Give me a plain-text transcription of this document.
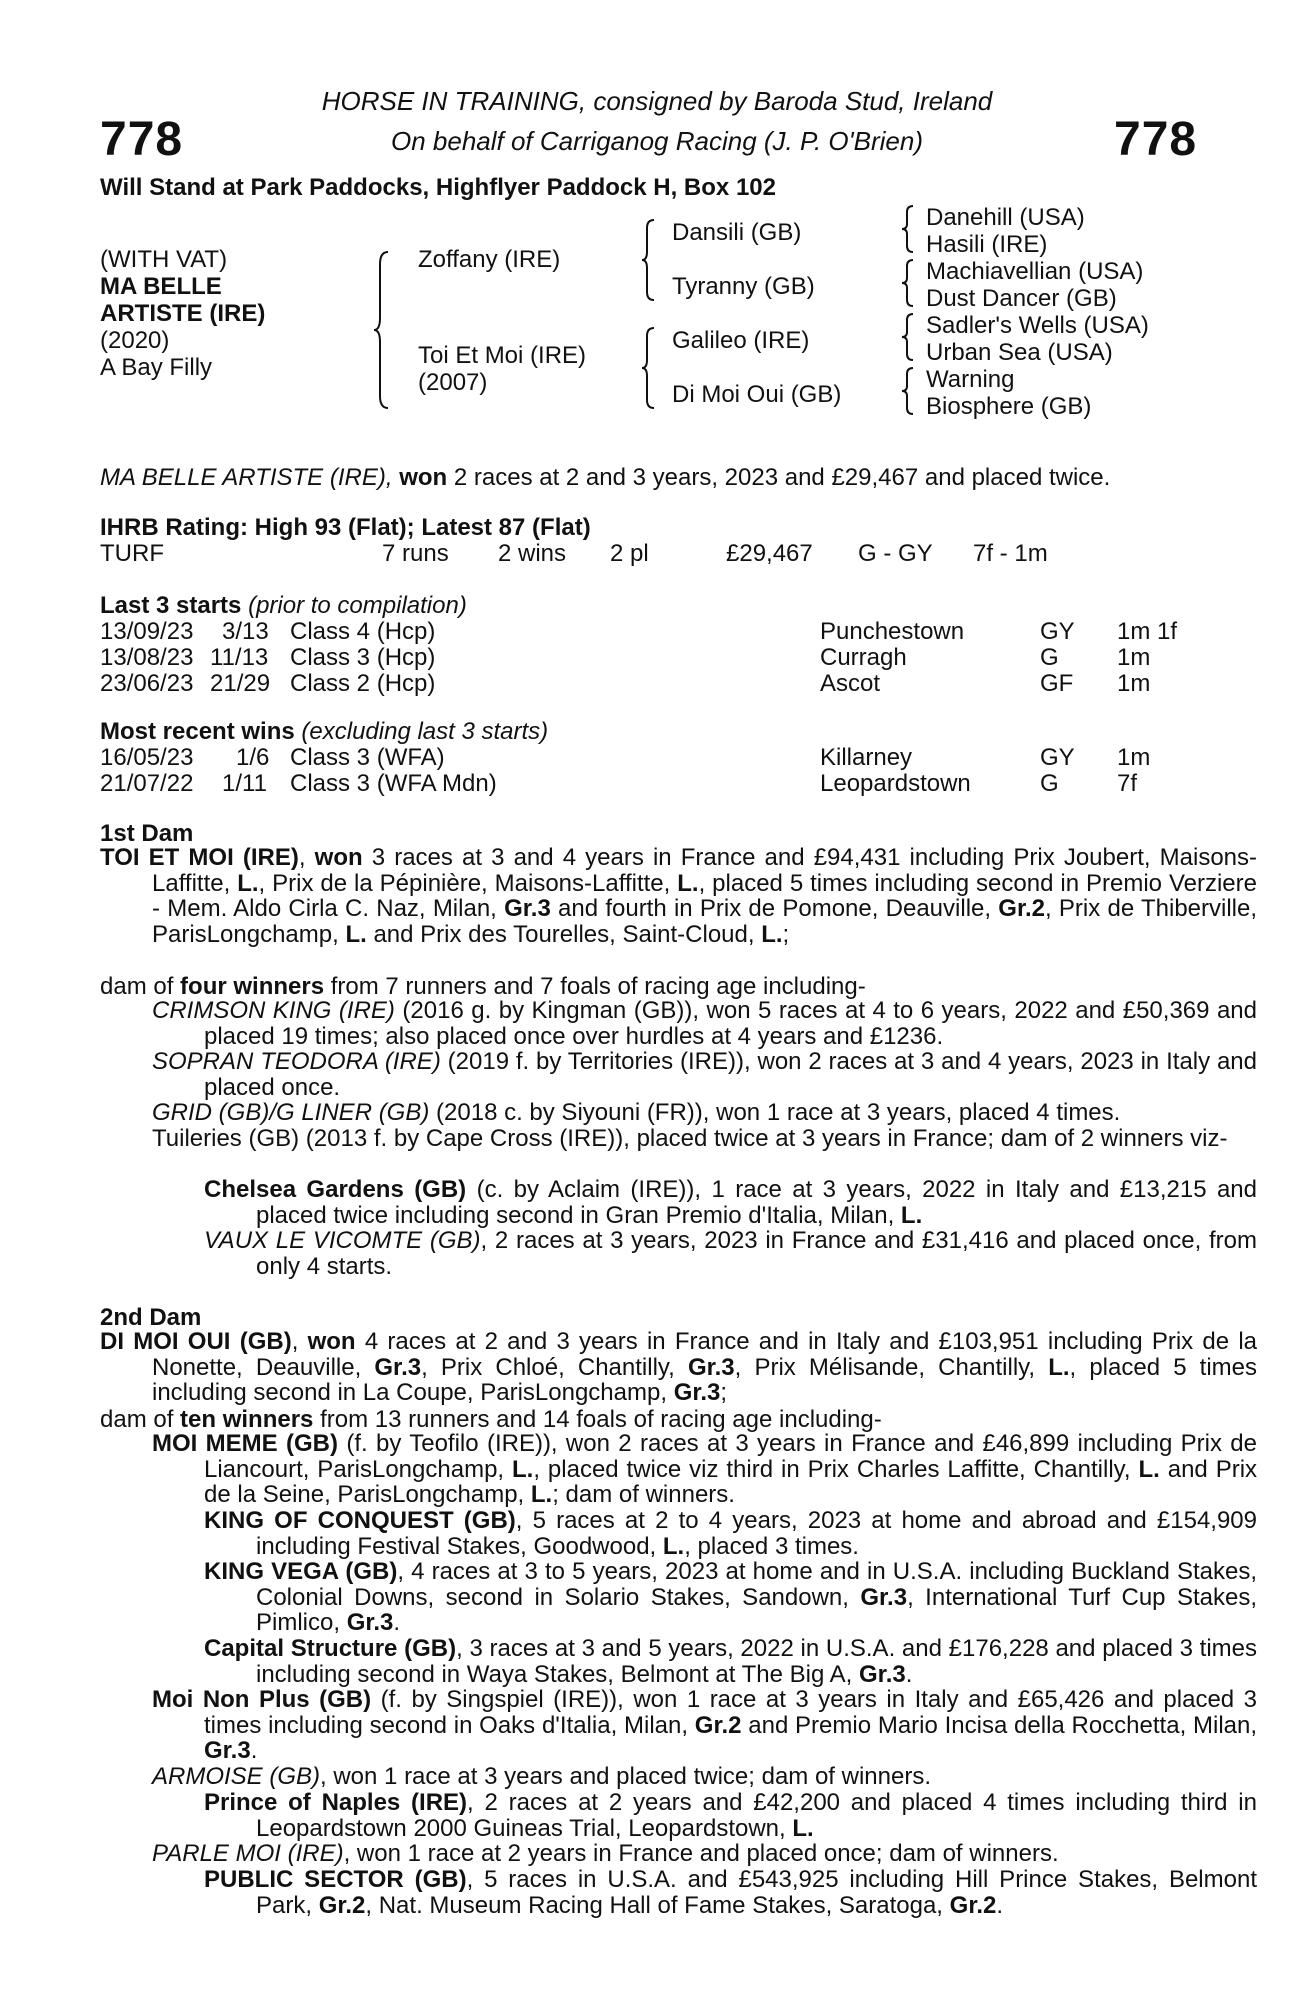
778	778
HORSE IN TRAINING, consigned by Baroda Stud, Ireland
On behalf of Carriganog Racing (J. P. O'Brien)
Will Stand at Park Paddocks, Highflyer Paddock H, Box 102
(WITH VAT)
MA BELLE
ARTISTE (IRE)
(2020)
A Bay Filly
Zoffany (IRE)
Toi Et Moi (IRE)
(2007)
Dansili (GB)
Tyranny (GB)
Galileo (IRE)
Di Moi Oui (GB)
Danehill (USA)
Hasili (IRE)
Machiavellian (USA)
Dust Dancer (GB)
Sadler's Wells (USA)
Urban Sea (USA)
Warning
Biosphere (GB)
MA BELLE ARTISTE (IRE), won 2 races at 2 and 3 years, 2023 and £29,467 and placed twice.
IHRB Rating: High 93 (Flat); Latest 87 (Flat)
TURF	7 runs 2 wins 2 pl	£29,467 G - GY 7f - 1m
Last 3 starts (prior to compilation)
13/09/23 3/13 Class 4 (Hcp)	Punchestown	GY 1m 1f
13/08/23 11/13 Class 3 (Hcp)	Curragh	G 1m
23/06/23 21/29 Class 2 (Hcp)	Ascot	GF 1m
Most recent wins (excluding last 3 starts)
16/05/23 1/6 Class 3 (WFA)	Killarney	GY 1m
21/07/22 1/11 Class 3 (WFA Mdn)	Leopardstown	G 7f
1st Dam
TOI ET MOI (IRE), won 3 races at 3 and 4 years in France and £94,431 including Prix Joubert, Maisons-Laffitte, L., Prix de la Pépinière, Maisons-Laffitte, L., placed 5 times including second in Premio Verziere - Mem. Aldo Cirla C. Naz, Milan, Gr.3 and fourth in Prix de Pomone, Deauville, Gr.2, Prix de Thiberville, ParisLongchamp, L. and Prix des Tourelles, Saint-Cloud, L.;
dam of four winners from 7 runners and 7 foals of racing age including-
CRIMSON KING (IRE) (2016 g. by Kingman (GB)), won 5 races at 4 to 6 years, 2022 and £50,369 and placed 19 times; also placed once over hurdles at 4 years and £1236.
SOPRAN TEODORA (IRE) (2019 f. by Territories (IRE)), won 2 races at 3 and 4 years, 2023 in Italy and placed once.
GRID (GB)/G LINER (GB) (2018 c. by Siyouni (FR)), won 1 race at 3 years, placed 4 times.
Tuileries (GB) (2013 f. by Cape Cross (IRE)), placed twice at 3 years in France; dam of 2 winners viz-
Chelsea Gardens (GB) (c. by Aclaim (IRE)), 1 race at 3 years, 2022 in Italy and £13,215 and placed twice including second in Gran Premio d'Italia, Milan, L.
VAUX LE VICOMTE (GB), 2 races at 3 years, 2023 in France and £31,416 and placed once, from only 4 starts.
2nd Dam
DI MOI OUI (GB), won 4 races at 2 and 3 years in France and in Italy and £103,951 including Prix de la Nonette, Deauville, Gr.3, Prix Chloé, Chantilly, Gr.3, Prix Mélisande, Chantilly, L., placed 5 times including second in La Coupe, ParisLongchamp, Gr.3;
dam of ten winners from 13 runners and 14 foals of racing age including-
MOI MEME (GB) (f. by Teofilo (IRE)), won 2 races at 3 years in France and £46,899 including Prix de Liancourt, ParisLongchamp, L., placed twice viz third in Prix Charles Laffitte, Chantilly, L. and Prix de la Seine, ParisLongchamp, L.; dam of winners.
KING OF CONQUEST (GB), 5 races at 2 to 4 years, 2023 at home and abroad and £154,909 including Festival Stakes, Goodwood, L., placed 3 times.
KING VEGA (GB), 4 races at 3 to 5 years, 2023 at home and in U.S.A. including Buckland Stakes, Colonial Downs, second in Solario Stakes, Sandown, Gr.3, International Turf Cup Stakes, Pimlico, Gr.3.
Capital Structure (GB), 3 races at 3 and 5 years, 2022 in U.S.A. and £176,228 and placed 3 times including second in Waya Stakes, Belmont at The Big A, Gr.3.
Moi Non Plus (GB) (f. by Singspiel (IRE)), won 1 race at 3 years in Italy and £65,426 and placed 3 times including second in Oaks d'Italia, Milan, Gr.2 and Premio Mario Incisa della Rocchetta, Milan, Gr.3.
ARMOISE (GB), won 1 race at 3 years and placed twice; dam of winners.
Prince of Naples (IRE), 2 races at 2 years and £42,200 and placed 4 times including third in Leopardstown 2000 Guineas Trial, Leopardstown, L.
PARLE MOI (IRE), won 1 race at 2 years in France and placed once; dam of winners.
PUBLIC SECTOR (GB), 5 races in U.S.A. and £543,925 including Hill Prince Stakes, Belmont Park, Gr.2, Nat. Museum Racing Hall of Fame Stakes, Saratoga, Gr.2.
